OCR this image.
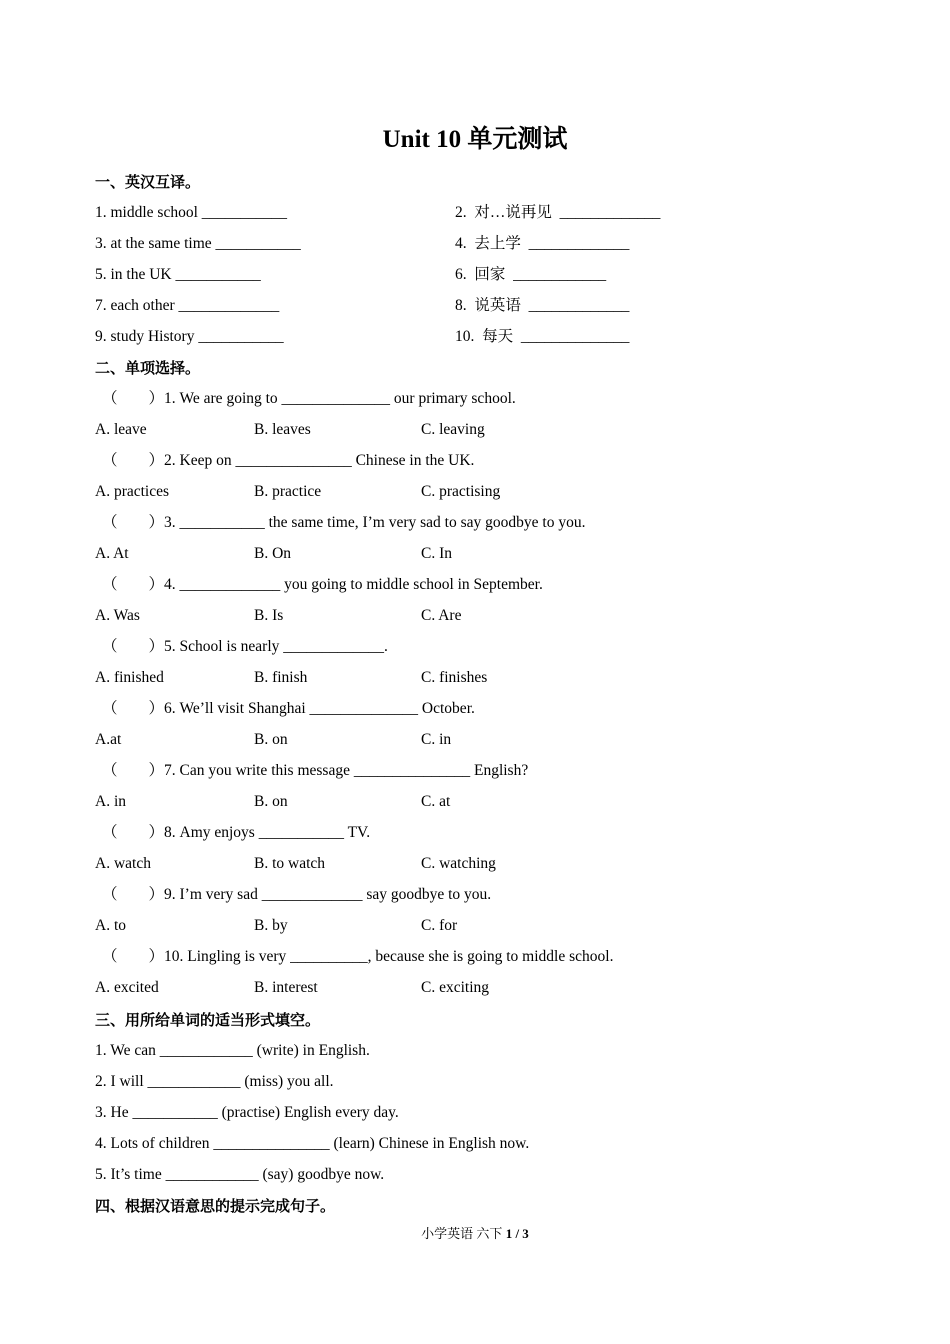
Unit 10 单元测试
一、英汉互译。
1. middle school ___________	2.  对…说再见  _____________
3. at the same time ___________	4.  去上学  _____________
5. in the UK ___________	6.  回家  ____________
7. each other _____________	8.  说英语  _____________
9. study History ___________	10.  每天  ______________
二、单项选择。
（        ）1. We are going to ______________ our primary school.
A. leave	B. leaves	C. leaving
（        ）2. Keep on _______________ Chinese in the UK.
A. practices	B. practice	C. practising
（        ）3. ___________ the same time, I’m very sad to say goodbye to you.
A. At	B. On	C. In
（        ）4. _____________ you going to middle school in September.
A. Was	B. Is	C. Are
（        ）5. School is nearly _____________.
A. finished	B. finish	C. finishes
（        ）6. We’ll visit Shanghai ______________ October.
A.at	B. on	C. in
（        ）7. Can you write this message _______________ English?
A. in	B. on	C. at
（        ）8. Amy enjoys ___________ TV.
A. watch	B. to watch	C. watching
（        ）9. I’m very sad _____________ say goodbye to you.
A. to	B. by	C. for
（        ）10. Lingling is very __________, because she is going to middle school.
A. excited	B. interest	C. exciting
三、用所给单词的适当形式填空。
1. We can ____________ (write) in English.
2. I will ____________ (miss) you all.
3. He ___________ (practise) English every day.
4. Lots of children _______________ (learn) Chinese in English now.
5. It’s time ____________ (say) goodbye now.
四、根据汉语意思的提示完成句子。
小学英语 六下 1 / 3
